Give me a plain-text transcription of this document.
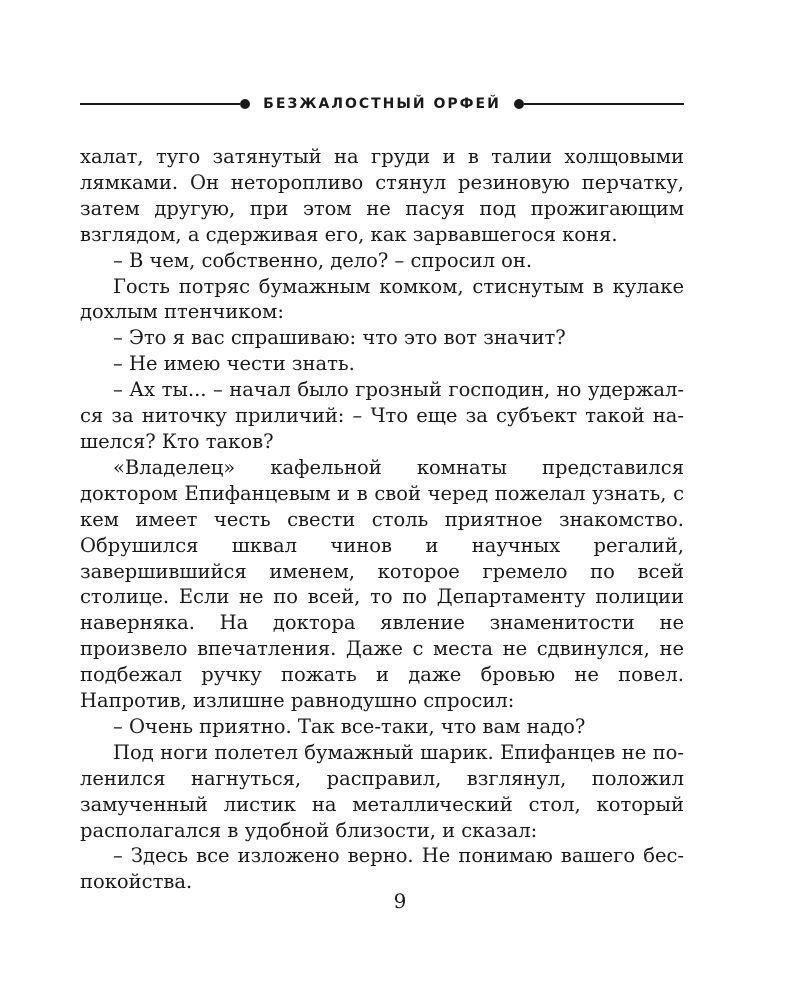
БЕЗЖАЛОСТНЫЙ ОРФЕЙ

халат, туго затянутый на груди и в талии холщовыми лямками. Он неторопливо стянул резиновую перчатку, затем другую, при этом не пасуя под прожигающим взглядом, а сдерживая его, как зарвавшегося коня.

– В чем, собственно, дело? – спросил он.

Гость потряс бумажным комком, стиснутым в кулаке дохлым птенчиком:

– Это я вас спрашиваю: что это вот значит?

– Не имею чести знать.

– Ах ты... – начал было грозный господин, но удержался за ниточку приличий: – Что еще за субъект такой нашелся? Кто таков?

«Владелец» кафельной комнаты представился доктором Епифанцевым и в свой черед пожелал узнать, с кем имеет честь свести столь приятное знакомство. Обрушился шквал чинов и научных регалий, завершившийся именем, которое гремело по всей столице. Если не по всей, то по Департаменту полиции наверняка. На доктора явление знаменитости не произвело впечатления. Даже с места не сдвинулся, не подбежал ручку пожать и даже бровью не повел. Напротив, излишне равнодушно спросил:

– Очень приятно. Так все-таки, что вам надо?

Под ноги полетел бумажный шарик. Епифанцев не поленился нагнуться, расправил, взглянул, положил замученный листик на металлический стол, который располагался в удобной близости, и сказал:

– Здесь все изложено верно. Не понимаю вашего беспокойства.

9
